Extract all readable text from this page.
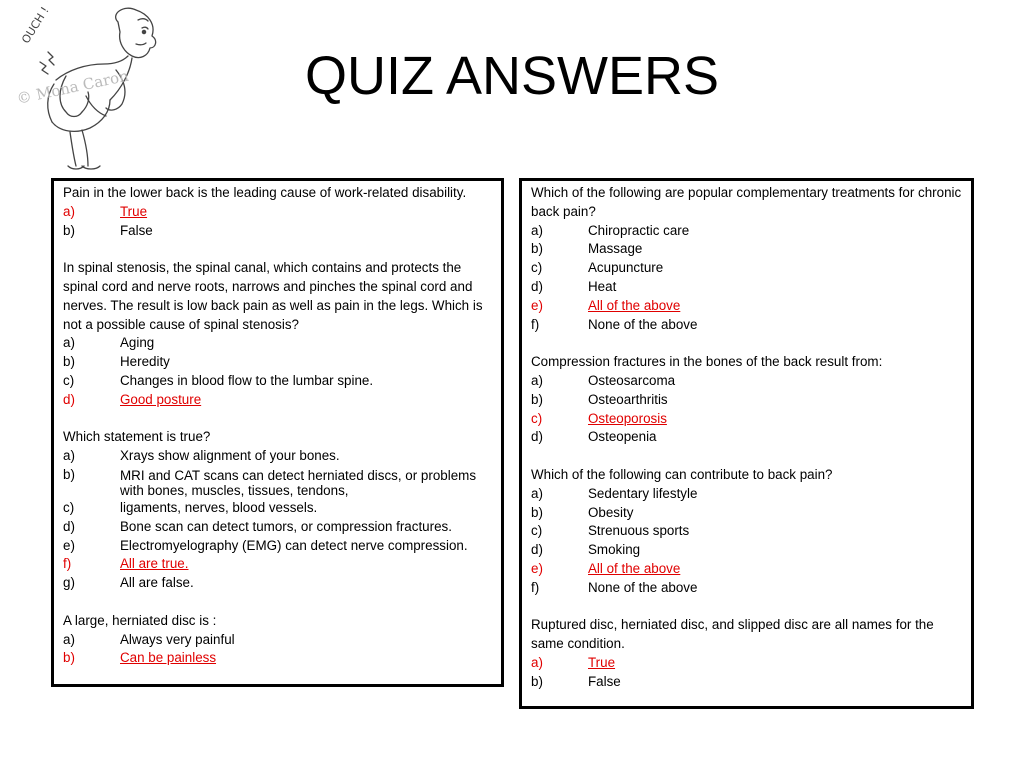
OUCH !
© Mona Caron	QUIZ ANSWERS
Pain in the lower back is the leading cause of work-related disability.
a)	True
b)	False
In spinal stenosis, the spinal canal, which contains and protects the spinal cord and nerve roots, narrows and pinches the spinal cord and nerves. The result is low back pain as well as pain in the legs. Which is not a possible cause of spinal stenosis?
a)	Aging
b)	Heredity
c)	Changes in blood flow to the lumbar spine.
d)	Good posture
Which statement is true?
a)	Xrays show alignment of your bones.
b)	MRI and CAT scans can detect herniated discs, or problems with bones, muscles, tissues, tendons,
c)	ligaments, nerves, blood vessels.
d)	Bone scan can detect tumors, or compression fractures.
e)	Electromyelography (EMG) can detect nerve compression.
f)	All are true.
g)	All are false.
A large, herniated disc is :
a)	Always very painful
b)	Can be painless
Which of the following are popular complementary treatments for chronic back pain?
a)	Chiropractic care
b)	Massage
c)	Acupuncture
d)	Heat
e)	All of the above
f)	None of the above
Compression fractures in the bones of the back result from:
a)	Osteosarcoma
b)	Osteoarthritis
c)	Osteoporosis
d)	Osteopenia
Which of the following can contribute to back pain?
a)	Sedentary lifestyle
b)	Obesity
c)	Strenuous sports
d)	Smoking
e)	All of the above
f)	None of the above
Ruptured disc, herniated disc, and slipped disc are all names for the same condition.
a)	True
b)	False
